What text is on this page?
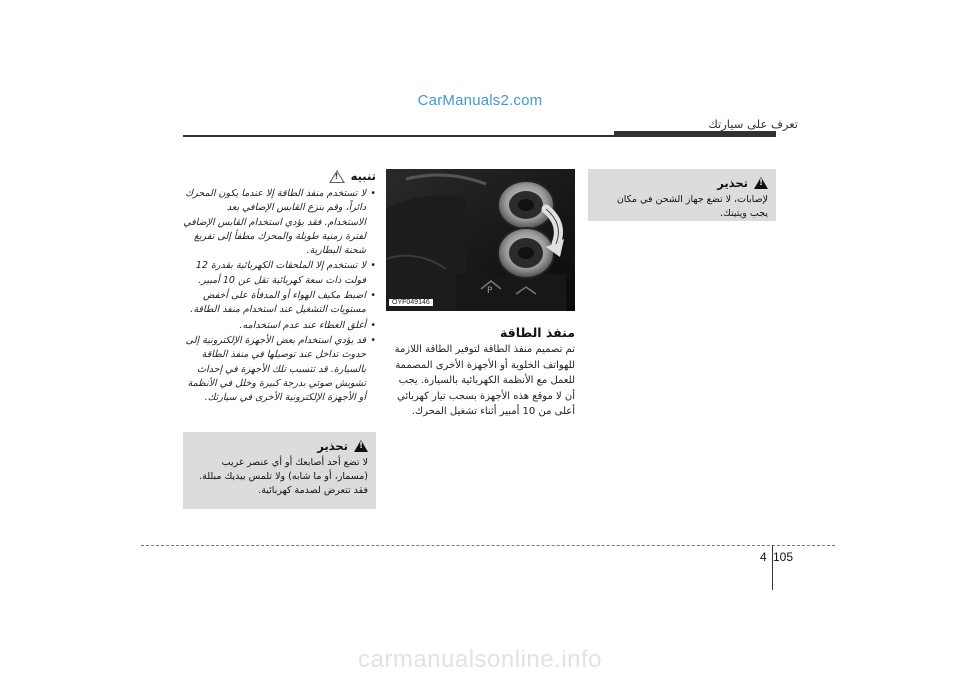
CarManuals2.com
تعرف على سيارتك
!
تحذير
لإصابات، لا تضع جهاز الشحن في مكان يجب ويتينك.
P
OYF049146
منفذ الطاقة
تم تصميم منفذ الطاقة لتوفير الطاقة اللازمة للهواتف الخلوية أو الأجهزة الأخرى المصممة للعمل مع الأنظمة الكهربائية بالسيارة. يجب أن لا موقع هذه الأجهزة بسحب تيار كهربائي أعلى من 10 أمبير أثناء تشغيل المحرك.
تنبيه
!
• لا تستخدم منفذ الطاقة إلا عندما يكون المحرك دائراً، وقم بنزع القابس الإضافي بعد الاستخدام. فقد يؤدي استخدام القابس الإضافي لفترة زمنية طويلة والمحرك مطفأ إلى تفريغ شحنة البطارية.
• لا تستخدم إلا الملحقات الكهربائية بقدرة 12 فولت ذات سعة كهربائية تقل عن 10 أمبير.
• اضبط مكيف الهواء أو المدفأة على أخفض مستويات التشغيل عند استخدام منفذ الطاقة.
• أغلق الغطاء عند عدم استخدامه.
• قد يؤدي استخدام بعض الأجهزة الإلكترونية إلى حدوث تداخل عند توصيلها في منفذ الطاقة بالسيارة. قد تتسبب تلك الأجهزة في إحداث تشويش صوتي بدرجة كبيرة وخلل في الأنظمة أو الأجهزة الإلكترونية الأخرى في سيارتك.
!
تحذير
لا تضع أحد أصابعك أو أي عنصر غريب (مسمار، أو ما شابه) ولا تلمس بيديك مبللة. فقد تتعرض لصدمة كهربائية.
4 105
carmanualsonline.info
